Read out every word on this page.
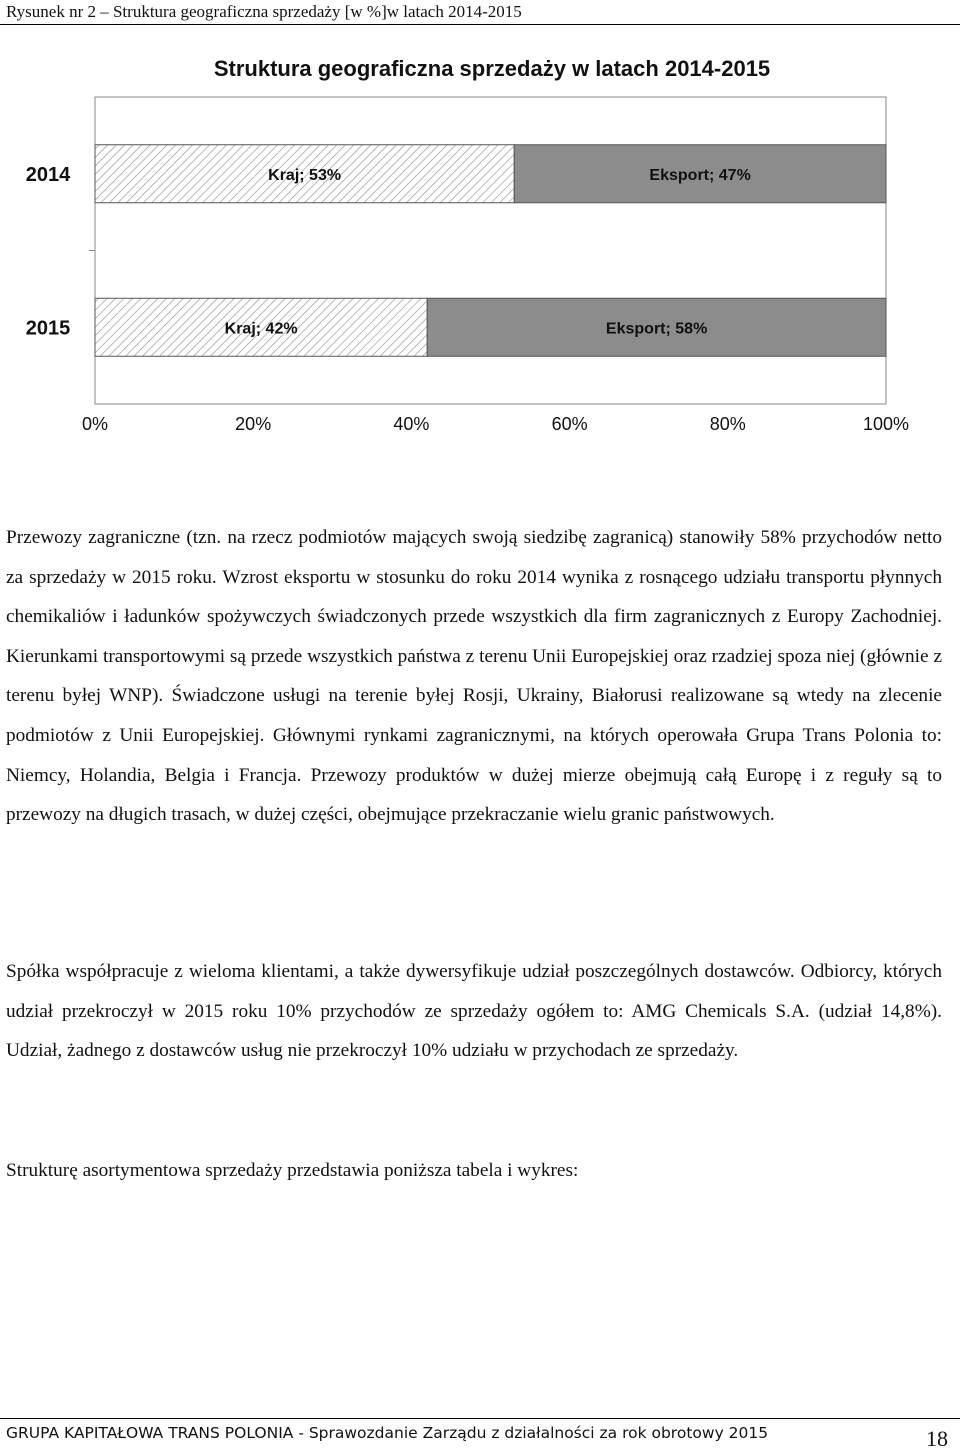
Rysunek nr 2 – Struktura geograficzna sprzedaży [w %]w latach 2014-2015
Struktura geograficzna sprzedaży w latach 2014-2015
2014	Kraj; 53%	Eksport; 47%
2015	Kraj; 42%	Eksport; 58%
0%	20%	40%	60%	80%	100%

Przewozy zagraniczne (tzn. na rzecz podmiotów mających swoją siedzibę zagranicą) stanowiły 58% przychodów netto za sprzedaży w 2015 roku. Wzrost eksportu w stosunku do roku 2014 wynika z rosnącego udziału transportu płynnych chemikaliów i ładunków spożywczych świadczonych przede wszystkich dla firm zagranicznych z Europy Zachodniej. Kierunkami transportowymi są przede wszystkich państwa z terenu Unii Europejskiej oraz rzadziej spoza niej (głównie z terenu byłej WNP). Świadczone usługi na terenie byłej Rosji, Ukrainy, Białorusi realizowane są wtedy na zlecenie podmiotów z Unii Europejskiej. Głównymi rynkami zagranicznymi, na których operowała Grupa Trans Polonia to: Niemcy, Holandia, Belgia i Francja. Przewozy produktów w dużej mierze obejmują całą Europę i z reguły są to przewozy na długich trasach, w dużej części, obejmujące przekraczanie wielu granic państwowych.

Spółka współpracuje z wieloma klientami, a także dywersyfikuje udział poszczególnych dostawców. Odbiorcy, których udział przekroczył w 2015 roku 10% przychodów ze sprzedaży ogółem to: AMG Chemicals S.A. (udział 14,8%). Udział, żadnego z dostawców usług nie przekroczył 10% udziału w przychodach ze sprzedaży.

Strukturę asortymentowa sprzedaży przedstawia poniższa tabela i wykres:

GRUPA KAPITAŁOWA TRANS POLONIA - Sprawozdanie Zarządu z działalności za rok obrotowy 2015	18
